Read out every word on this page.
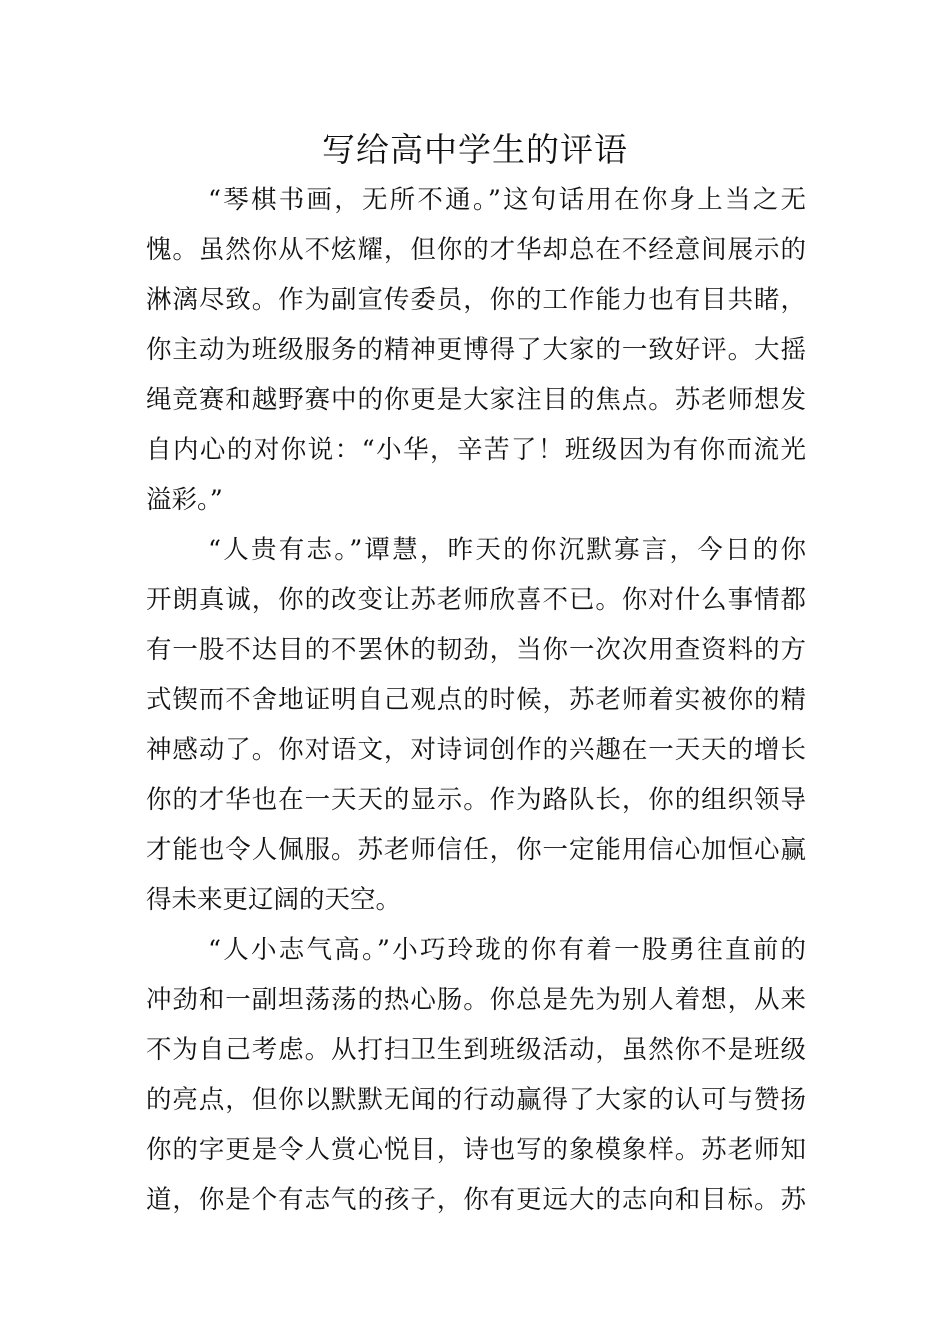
写给高中学生的评语
“琴棋书画，无所不通。”这句话用在你身上当之无
愧。虽然你从不炫耀，但你的才华却总在不经意间展示的
淋漓尽致。作为副宣传委员，你的工作能力也有目共睹，
你主动为班级服务的精神更博得了大家的一致好评。大摇
绳竞赛和越野赛中的你更是大家注目的焦点。苏老师想发
自内心的对你说：“小华，辛苦了！班级因为有你而流光
溢彩。”
“人贵有志。”谭慧，昨天的你沉默寡言，今日的你
开朗真诚，你的改变让苏老师欣喜不已。你对什么事情都
有一股不达目的不罢休的韧劲，当你一次次用查资料的方
式锲而不舍地证明自己观点的时候，苏老师着实被你的精
神感动了。你对语文，对诗词创作的兴趣在一天天的增长
你的才华也在一天天的显示。作为路队长，你的组织领导
才能也令人佩服。苏老师信任，你一定能用信心加恒心赢
得未来更辽阔的天空。
“人小志气高。”小巧玲珑的你有着一股勇往直前的
冲劲和一副坦荡荡的热心肠。你总是先为别人着想，从来
不为自己考虑。从打扫卫生到班级活动，虽然你不是班级
的亮点，但你以默默无闻的行动赢得了大家的认可与赞扬
你的字更是令人赏心悦目，诗也写的象模象样。苏老师知
道，你是个有志气的孩子，你有更远大的志向和目标。苏
